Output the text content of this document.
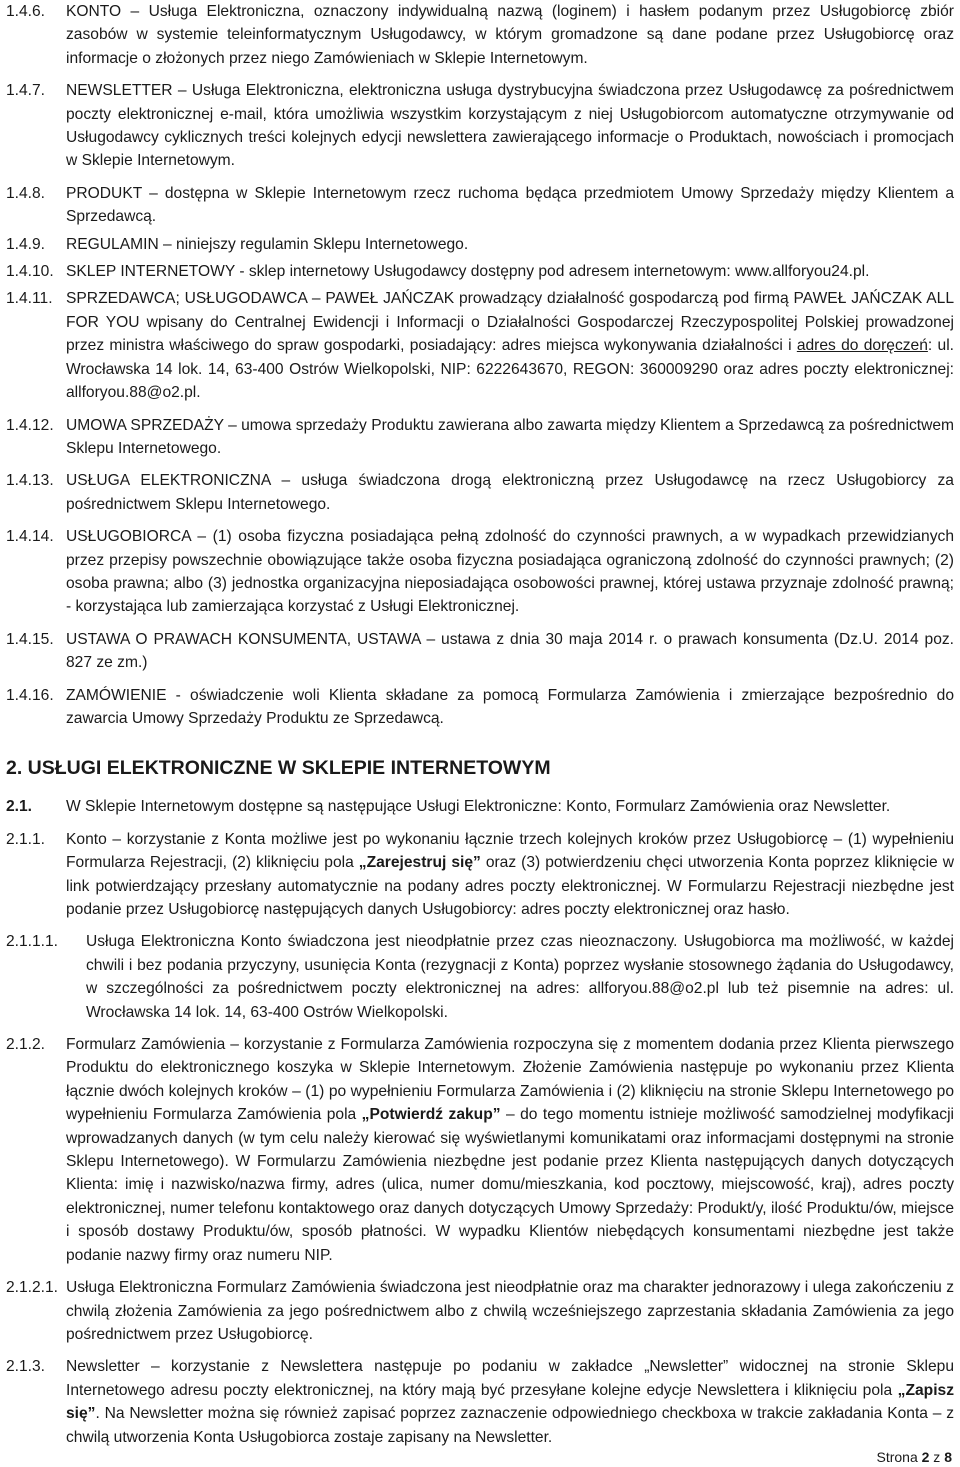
1.4.6. KONTO – Usługa Elektroniczna, oznaczony indywidualną nazwą (loginem) i hasłem podanym przez Usługobiorcę zbiór zasobów w systemie teleinformatycznym Usługodawcy, w którym gromadzone są dane podane przez Usługobiorcę oraz informacje o złożonych przez niego Zamówieniach w Sklepie Internetowym.

1.4.7. NEWSLETTER – Usługa Elektroniczna, elektroniczna usługa dystrybucyjna świadczona przez Usługodawcę za pośrednictwem poczty elektronicznej e-mail, która umożliwia wszystkim korzystającym z niej Usługobiorcom automatyczne otrzymywanie od Usługodawcy cyklicznych treści kolejnych edycji newslettera zawierającego informacje o Produktach, nowościach i promocjach w Sklepie Internetowym.

1.4.8. PRODUKT – dostępna w Sklepie Internetowym rzecz ruchoma będąca przedmiotem Umowy Sprzedaży między Klientem a Sprzedawcą.

1.4.9. REGULAMIN – niniejszy regulamin Sklepu Internetowego.

1.4.10. SKLEP INTERNETOWY - sklep internetowy Usługodawcy dostępny pod adresem internetowym: www.allforyou24.pl.

1.4.11. SPRZEDAWCA; USŁUGODAWCA – PAWEŁ JAŃCZAK prowadzący działalność gospodarczą pod firmą PAWEŁ JAŃCZAK ALL FOR YOU wpisany do Centralnej Ewidencji i Informacji o Działalności Gospodarczej Rzeczypospolitej Polskiej prowadzonej przez ministra właściwego do spraw gospodarki, posiadający: adres miejsca wykonywania działalności i adres do doręczeń: ul. Wrocławska 14 lok. 14, 63-400 Ostrów Wielkopolski, NIP: 6222643670, REGON: 360009290 oraz adres poczty elektronicznej: allforyou.88@o2.pl.

1.4.12. UMOWA SPRZEDAŻY – umowa sprzedaży Produktu zawierana albo zawarta między Klientem a Sprzedawcą za pośrednictwem Sklepu Internetowego.

1.4.13. USŁUGA ELEKTRONICZNA – usługa świadczona drogą elektroniczną przez Usługodawcę na rzecz Usługobiorcy za pośrednictwem Sklepu Internetowego.

1.4.14. USŁUGOBIORCA – (1) osoba fizyczna posiadająca pełną zdolność do czynności prawnych, a w wypadkach przewidzianych przez przepisy powszechnie obowiązujące także osoba fizyczna posiadająca ograniczoną zdolność do czynności prawnych; (2) osoba prawna; albo (3) jednostka organizacyjna nieposiadająca osobowości prawnej, której ustawa przyznaje zdolność prawną; - korzystająca lub zamierzająca korzystać z Usługi Elektronicznej.

1.4.15. USTAWA O PRAWACH KONSUMENTA, USTAWA – ustawa z dnia 30 maja 2014 r. o prawach konsumenta (Dz.U. 2014 poz. 827 ze zm.)

1.4.16. ZAMÓWIENIE - oświadczenie woli Klienta składane za pomocą Formularza Zamówienia i zmierzające bezpośrednio do zawarcia Umowy Sprzedaży Produktu ze Sprzedawcą.

2. USŁUGI ELEKTRONICZNE W SKLEPIE INTERNETOWYM

2.1. W Sklepie Internetowym dostępne są następujące Usługi Elektroniczne: Konto, Formularz Zamówienia oraz Newsletter.

2.1.1. Konto – korzystanie z Konta możliwe jest po wykonaniu łącznie trzech kolejnych kroków przez Usługobiorcę – (1) wypełnieniu Formularza Rejestracji, (2) kliknięciu pola „Zarejestruj się” oraz (3) potwierdzeniu chęci utworzenia Konta poprzez kliknięcie w link potwierdzający przesłany automatycznie na podany adres poczty elektronicznej. W Formularzu Rejestracji niezbędne jest podanie przez Usługobiorcę następujących danych Usługobiorcy: adres poczty elektronicznej oraz hasło.

2.1.1.1. Usługa Elektroniczna Konto świadczona jest nieodpłatnie przez czas nieoznaczony. Usługobiorca ma możliwość, w każdej chwili i bez podania przyczyny, usunięcia Konta (rezygnacji z Konta) poprzez wysłanie stosownego żądania do Usługodawcy, w szczególności za pośrednictwem poczty elektronicznej na adres: allforyou.88@o2.pl lub też pisemnie na adres: ul. Wrocławska 14 lok. 14, 63-400 Ostrów Wielkopolski.

2.1.2. Formularz Zamówienia – korzystanie z Formularza Zamówienia rozpoczyna się z momentem dodania przez Klienta pierwszego Produktu do elektronicznego koszyka w Sklepie Internetowym. Złożenie Zamówienia następuje po wykonaniu przez Klienta łącznie dwóch kolejnych kroków – (1) po wypełnieniu Formularza Zamówienia i (2) kliknięciu na stronie Sklepu Internetowego po wypełnieniu Formularza Zamówienia pola „Potwierdź zakup” – do tego momentu istnieje możliwość samodzielnej modyfikacji wprowadzanych danych (w tym celu należy kierować się wyświetlanymi komunikatami oraz informacjami dostępnymi na stronie Sklepu Internetowego). W Formularzu Zamówienia niezbędne jest podanie przez Klienta następujących danych dotyczących Klienta: imię i nazwisko/nazwa firmy, adres (ulica, numer domu/mieszkania, kod pocztowy, miejscowość, kraj), adres poczty elektronicznej, numer telefonu kontaktowego oraz danych dotyczących Umowy Sprzedaży: Produkt/y, ilość Produktu/ów, miejsce i sposób dostawy Produktu/ów, sposób płatności. W wypadku Klientów niebędących konsumentami niezbędne jest także podanie nazwy firmy oraz numeru NIP.

2.1.2.1. Usługa Elektroniczna Formularz Zamówienia świadczona jest nieodpłatnie oraz ma charakter jednorazowy i ulega zakończeniu z chwilą złożenia Zamówienia za jego pośrednictwem albo z chwilą wcześniejszego zaprzestania składania Zamówienia za jego pośrednictwem przez Usługobiorcę.

2.1.3. Newsletter – korzystanie z Newslettera następuje po podaniu w zakładce „Newsletter” widocznej na stronie Sklepu Internetowego adresu poczty elektronicznej, na który mają być przesyłane kolejne edycje Newslettera i kliknięciu pola „Zapisz się”. Na Newsletter można się również zapisać poprzez zaznaczenie odpowiedniego checkboxa w trakcie zakładania Konta – z chwilą utworzenia Konta Usługobiorca zostaje zapisany na Newsletter.

Strona 2 z 8
